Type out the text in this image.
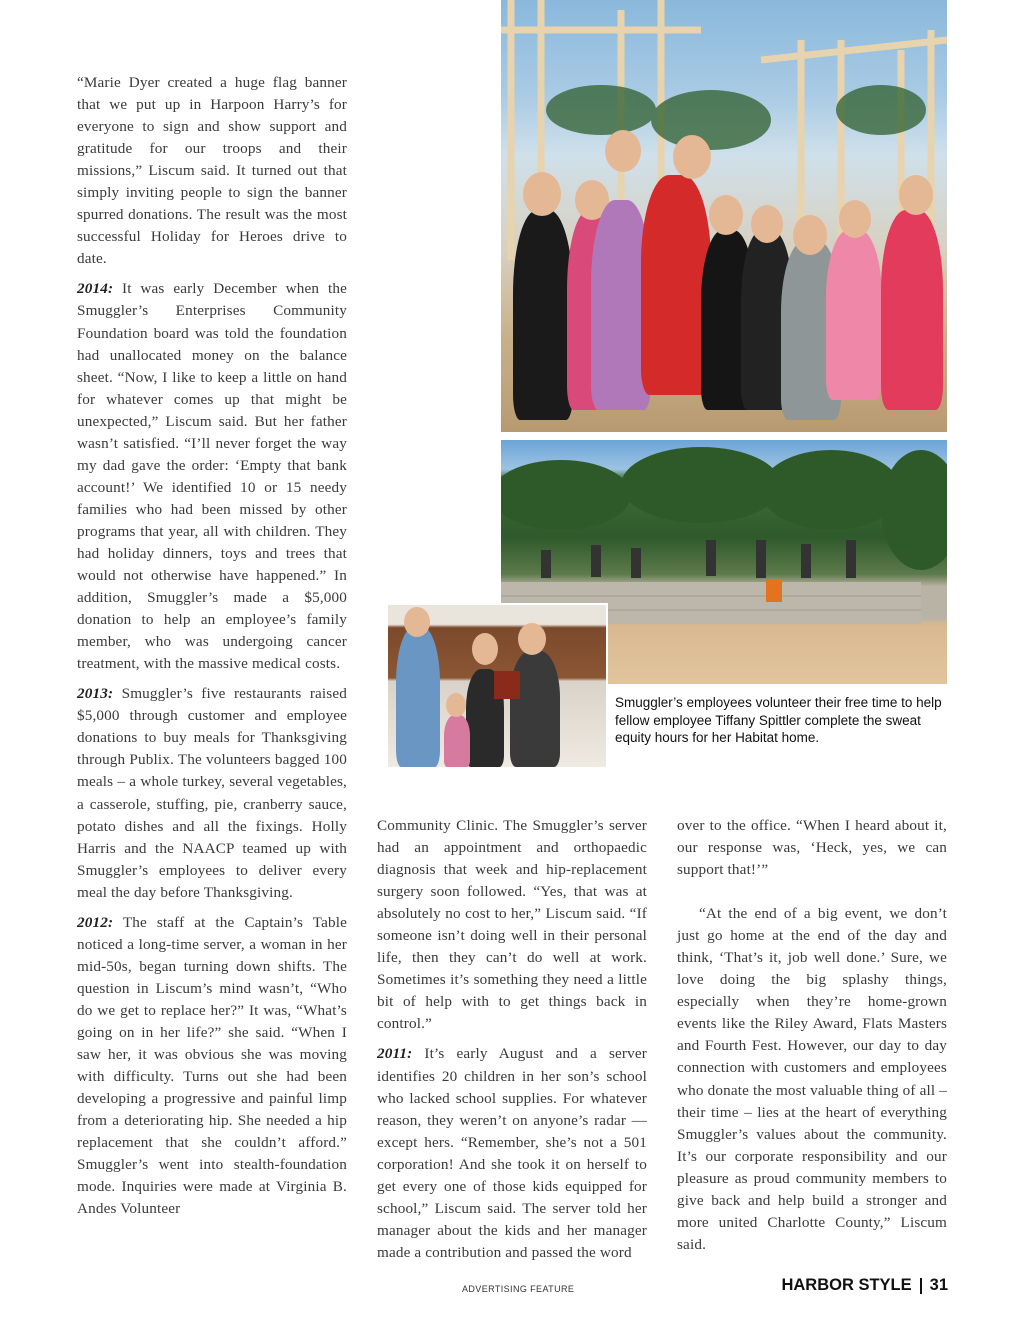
“Marie Dyer created a huge flag banner that we put up in Harpoon Harry’s for everyone to sign and show support and gratitude for our troops and their missions,” Liscum said. It turned out that simply inviting people to sign the banner spurred donations. The result was the most successful Holiday for Heroes drive to date.

2014: It was early December when the Smuggler’s Enterprises Community Foundation board was told the foundation had unallocated money on the balance sheet. “Now, I like to keep a little on hand for whatever comes up that might be unexpected,” Liscum said. But her father wasn’t satisfied. “I’ll never forget the way my dad gave the order: ‘Empty that bank account!’ We identified 10 or 15 needy families who had been missed by other programs that year, all with children. They had holiday dinners, toys and trees that would not otherwise have happened.” In addition, Smuggler’s made a $5,000 donation to help an employee’s family member, who was undergoing cancer treatment, with the massive medical costs.

2013: Smuggler’s five restaurants raised $5,000 through customer and employee donations to buy meals for Thanksgiving through Publix. The volunteers bagged 100 meals – a whole turkey, several vegetables, a casserole, stuffing, pie, cranberry sauce, potato dishes and all the fixings. Holly Harris and the NAACP teamed up with Smuggler’s employees to deliver every meal the day before Thanksgiving.

2012: The staff at the Captain’s Table noticed a long-time server, a woman in her mid-50s, began turning down shifts. The question in Liscum’s mind wasn’t, “Who do we get to replace her?” It was, “What’s going on in her life?” she said. “When I saw her, it was obvious she was moving with difficulty. Turns out she had been developing a progressive and painful limp from a deteriorating hip. She needed a hip replacement that she couldn’t afford.” Smuggler’s went into stealth-foundation mode. Inquiries were made at Virginia B. Andes Volunteer

Community Clinic. The Smuggler’s server had an appointment and orthopaedic diagnosis that week and hip-replacement surgery soon followed. “Yes, that was at absolutely no cost to her,” Liscum said. “If someone isn’t doing well in their personal life, then they can’t do well at work. Sometimes it’s something they need a little bit of help with to get things back in control.”

2011: It’s early August and a server identifies 20 children in her son’s school who lacked school supplies. For whatever reason, they weren’t on anyone’s radar — except hers. “Remember, she’s not a 501 corporation! And she took it on herself to get every one of those kids equipped for school,” Liscum said. The server told her manager about the kids and her manager made a contribution and passed the word

over to the office. “When I heard about it, our response was, ‘Heck, yes, we can support that!’”

“At the end of a big event, we don’t just go home at the end of the day and think, ‘That’s it, job well done.’ Sure, we love doing the big splashy things, especially when they’re home-grown events like the Riley Award, Flats Masters and Fourth Fest. However, our day to day connection with customers and employees who donate the most valuable thing of all – their time – lies at the heart of everything Smuggler’s values about the community. It’s our corporate responsibility and our pleasure as proud community members to give back and help build a stronger and more united Charlotte County,” Liscum said.

Smuggler’s employees volunteer their free time to help fellow employee Tiffany Spittler complete the sweat equity hours for her Habitat home.
ADVERTISING FEATURE	HARBOR STYLE 31
